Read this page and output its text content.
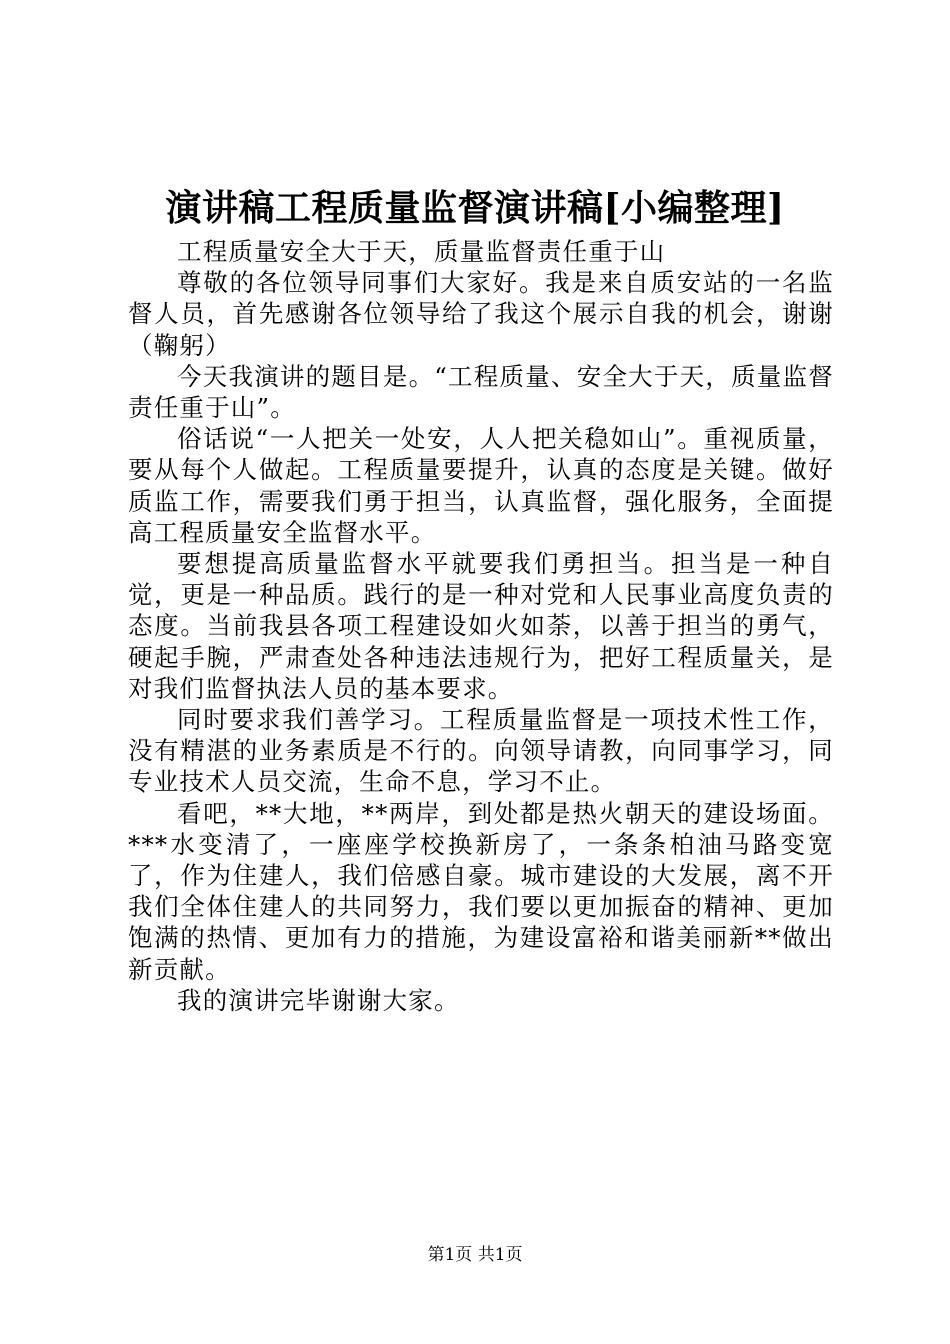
演讲稿工程质量监督演讲稿[小编整理]

工程质量安全大于天，质量监督责任重于山

尊敬的各位领导同事们大家好。我是来自质安站的一名监督人员，首先感谢各位领导给了我这个展示自我的机会，谢谢（鞠躬）

今天我演讲的题目是。“工程质量、安全大于天，质量监督责任重于山”。

俗话说“一人把关一处安，人人把关稳如山”。重视质量，要从每个人做起。工程质量要提升，认真的态度是关键。做好质监工作，需要我们勇于担当，认真监督，强化服务，全面提高工程质量安全监督水平。

要想提高质量监督水平就要我们勇担当。担当是一种自觉，更是一种品质。践行的是一种对党和人民事业高度负责的态度。当前我县各项工程建设如火如荼，以善于担当的勇气，硬起手腕，严肃查处各种违法违规行为，把好工程质量关，是对我们监督执法人员的基本要求。

同时要求我们善学习。工程质量监督是一项技术性工作，没有精湛的业务素质是不行的。向领导请教，向同事学习，同专业技术人员交流，生命不息，学习不止。

看吧，**大地，**两岸，到处都是热火朝天的建设场面。***水变清了，一座座学校换新房了，一条条柏油马路变宽了，作为住建人，我们倍感自豪。城市建设的大发展，离不开我们全体住建人的共同努力，我们要以更加振奋的精神、更加饱满的热情、更加有力的措施，为建设富裕和谐美丽新**做出新贡献。

我的演讲完毕谢谢大家。

第1页 共1页
